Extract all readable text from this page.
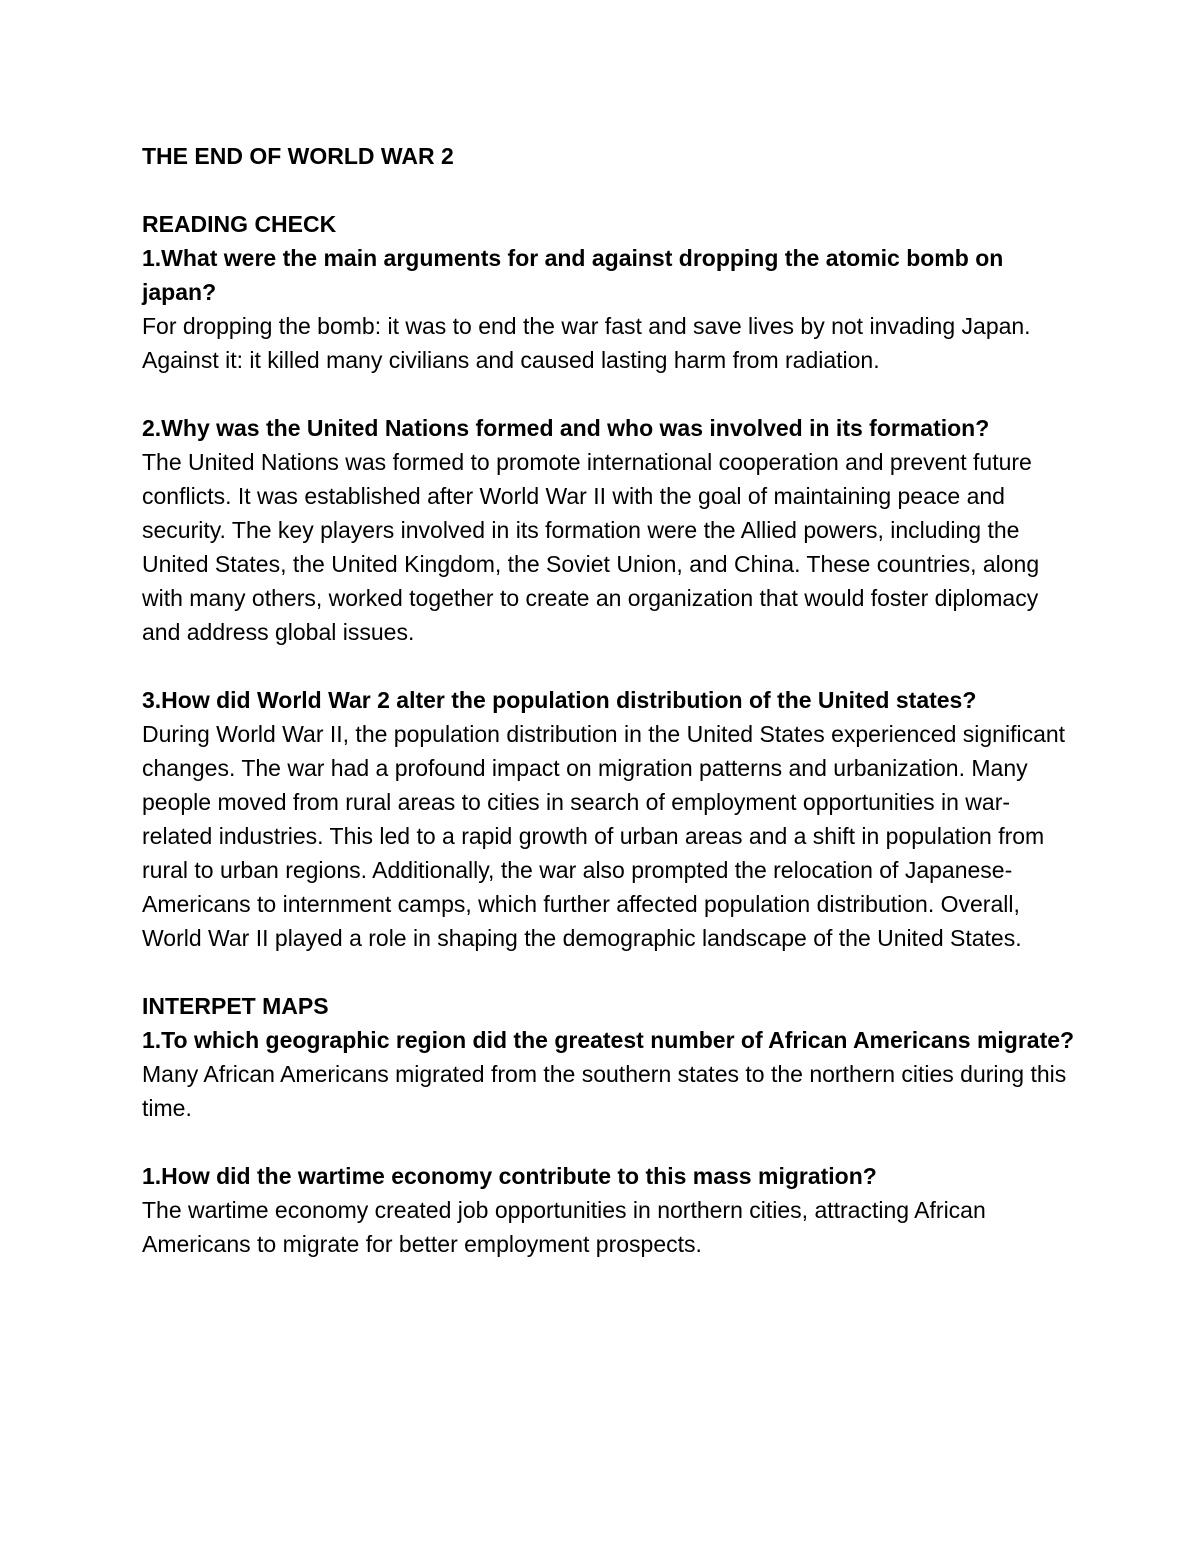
THE END OF WORLD WAR 2

READING CHECK

1.What were the main arguments for and against dropping the atomic bomb on japan?

For dropping the bomb: it was to end the war fast and save lives by not invading Japan. Against it: it killed many civilians and caused lasting harm from radiation.

2.Why was the United Nations formed and who was involved in its formation?

The United Nations was formed to promote international cooperation and prevent future conflicts. It was established after World War II with the goal of maintaining peace and security. The key players involved in its formation were the Allied powers, including the United States, the United Kingdom, the Soviet Union, and China. These countries, along with many others, worked together to create an organization that would foster diplomacy and address global issues.

3.How did World War 2 alter the population distribution of the United states?

During World War II, the population distribution in the United States experienced significant changes. The war had a profound impact on migration patterns and urbanization. Many people moved from rural areas to cities in search of employment opportunities in war-related industries. This led to a rapid growth of urban areas and a shift in population from rural to urban regions. Additionally, the war also prompted the relocation of Japanese-Americans to internment camps, which further affected population distribution. Overall, World War II played a role in shaping the demographic landscape of the United States.

INTERPET MAPS

1.To which geographic region did the greatest number of African Americans migrate?

Many African Americans migrated from the southern states to the northern cities during this time.

1.How did the wartime economy contribute to this mass migration?

The wartime economy created job opportunities in northern cities, attracting African Americans to migrate for better employment prospects.
